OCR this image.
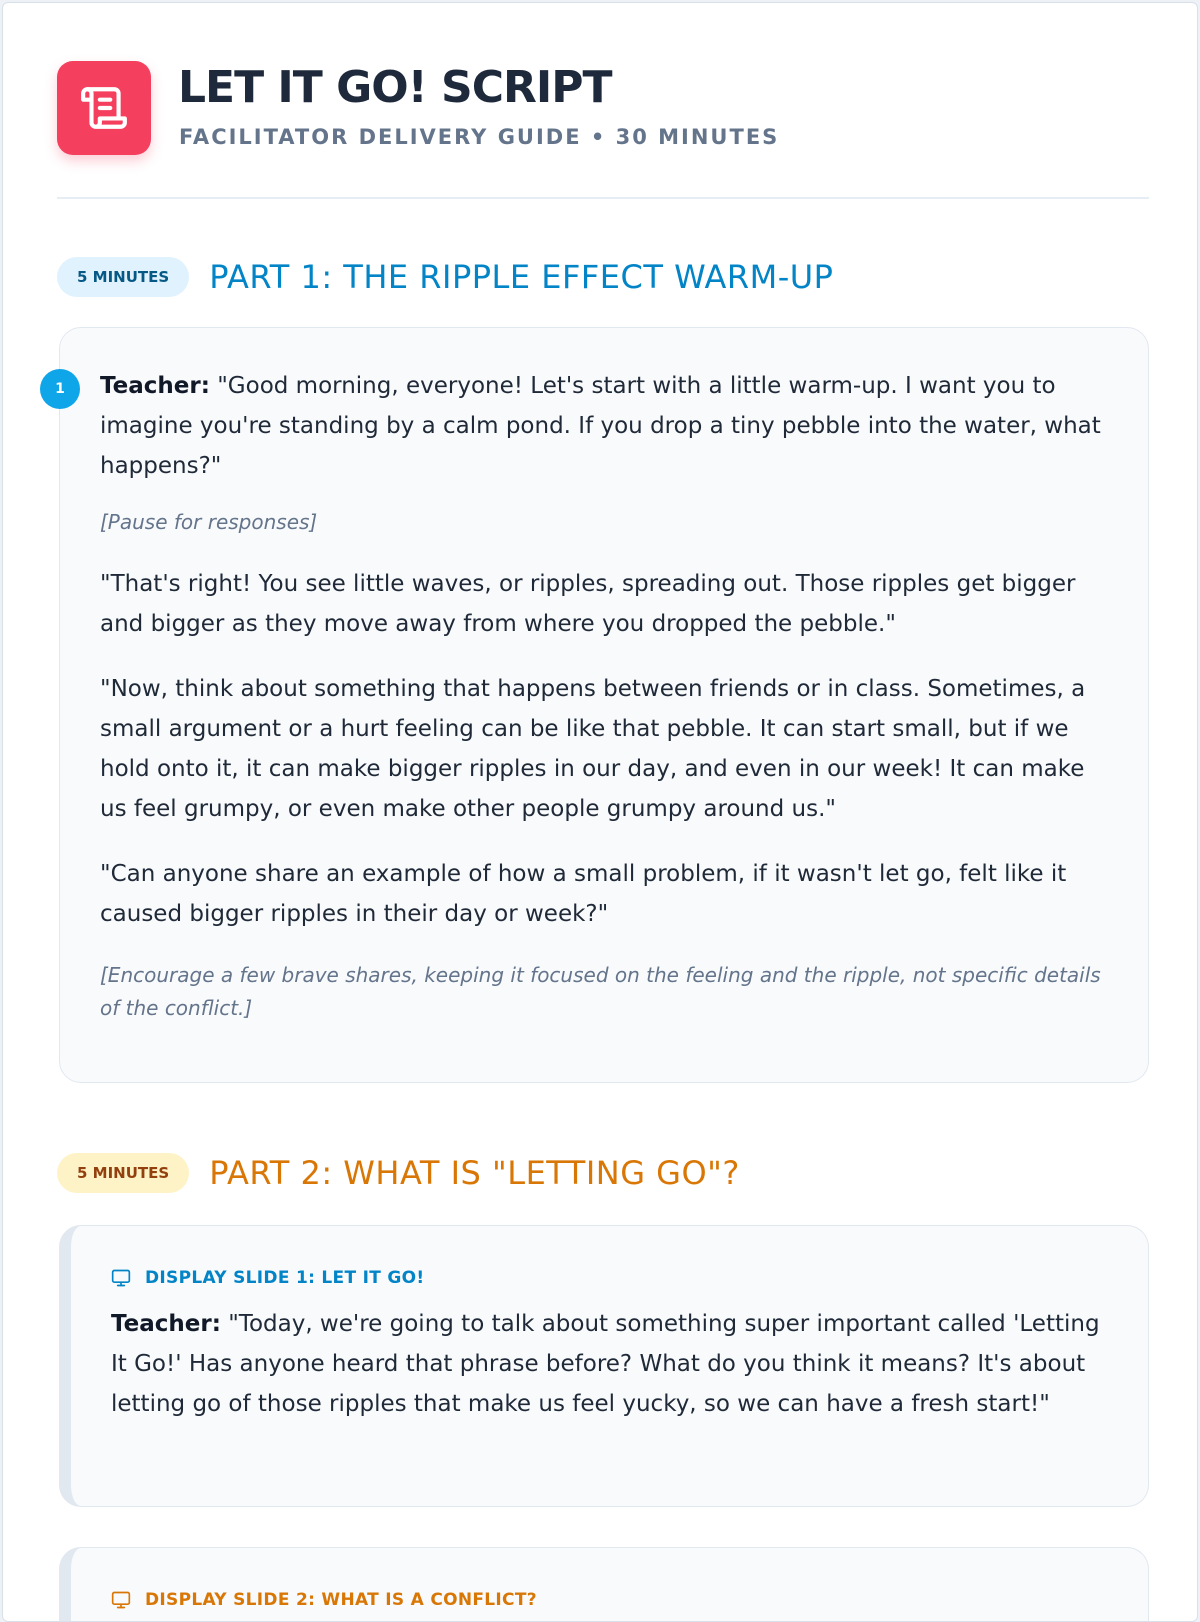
LET IT GO! SCRIPT
FACILITATOR DELIVERY GUIDE • 30 MINUTES
5 MINUTES	PART 1: THE RIPPLE EFFECT WARM-UP
1	Teacher: "Good morning, everyone! Let's start with a little warm-up. I want you to imagine you're standing by a calm pond. If you drop a tiny pebble into the water, what happens?"

[Pause for responses]

"That's right! You see little waves, or ripples, spreading out. Those ripples get bigger and bigger as they move away from where you dropped the pebble."

"Now, think about something that happens between friends or in class. Sometimes, a small argument or a hurt feeling can be like that pebble. It can start small, but if we hold onto it, it can make bigger ripples in our day, and even in our week! It can make us feel grumpy, or even make other people grumpy around us."

"Can anyone share an example of how a small problem, if it wasn't let go, felt like it caused bigger ripples in their day or week?"

[Encourage a few brave shares, keeping it focused on the feeling and the ripple, not specific details of the conflict.]

5 MINUTES	PART 2: WHAT IS "LETTING GO"?
DISPLAY SLIDE 1: LET IT GO!

Teacher: "Today, we're going to talk about something super important called 'Letting It Go!' Has anyone heard that phrase before? What do you think it means? It's about letting go of those ripples that make us feel yucky, so we can have a fresh start!"

DISPLAY SLIDE 2: WHAT IS A CONFLICT?
